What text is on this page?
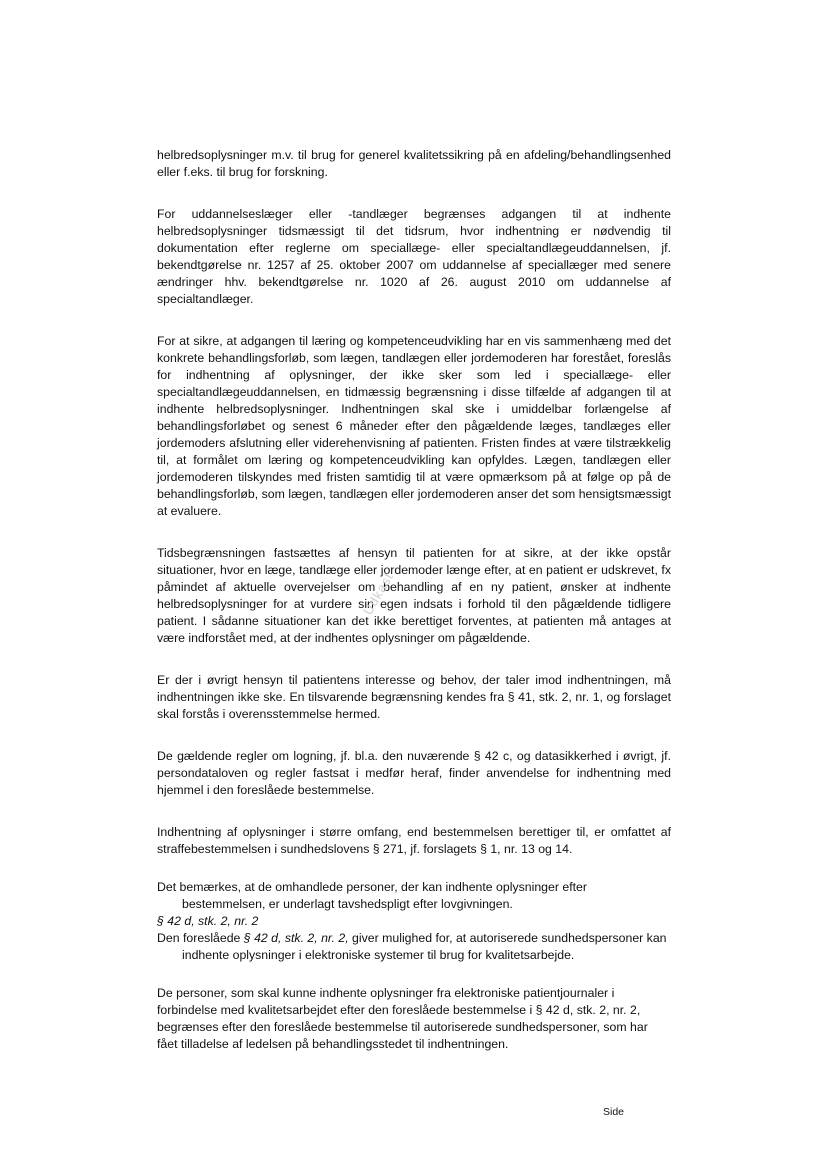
helbredsoplysninger m.v. til brug for generel kvalitetssikring på en afdeling/behandlingsenhed eller f.eks. til brug for forskning.

For uddannelseslæger eller -tandlæger begrænses adgangen til at indhente helbredsoplysninger tidsmæssigt til det tidsrum, hvor indhentning er nødvendig til dokumentation efter reglerne om speciallæge- eller specialtandlægeuddannelsen, jf. bekendtgørelse nr. 1257 af 25. oktober 2007 om uddannelse af speciallæger med senere ændringer hhv. bekendtgørelse nr. 1020 af 26. august 2010 om uddannelse af specialtandlæger.

For at sikre, at adgangen til læring og kompetenceudvikling har en vis sammenhæng med det konkrete behandlingsforløb, som lægen, tandlægen eller jordemoderen har forestået, foreslås for indhentning af oplysninger, der ikke sker som led i speciallæge- eller specialtandlægeuddannelsen, en tidmæssig begrænsning i disse tilfælde af adgangen til at indhente helbredsoplysninger. Indhentningen skal ske i umiddelbar forlængelse af behandlingsforløbet og senest 6 måneder efter den pågældende læges, tandlæges eller jordemoders afslutning eller viderehenvisning af patienten. Fristen findes at være tilstrækkelig til, at formålet om læring og kompetenceudvikling kan opfyldes. Lægen, tandlægen eller jordemoderen tilskyndes med fristen samtidig til at være opmærksom på at følge op på de behandlingsforløb, som lægen, tandlægen eller jordemoderen anser det som hensigtsmæssigt at evaluere.

Tidsbegrænsningen fastsættes af hensyn til patienten for at sikre, at der ikke opstår situationer, hvor en læge, tandlæge eller jordemoder længe efter, at en patient er udskrevet, fx påmindet af aktuelle overvejelser om behandling af en ny patient, ønsker at indhente helbredsoplysninger for at vurdere sin egen indsats i forhold til den pågældende tidligere patient. I sådanne situationer kan det ikke berettiget forventes, at patienten må antages at være indforstået med, at der indhentes oplysninger om pågældende.

Er der i øvrigt hensyn til patientens interesse og behov, der taler imod indhentningen, må indhentningen ikke ske. En tilsvarende begrænsning kendes fra § 41, stk. 2, nr. 1, og forslaget skal forstås i overensstemmelse hermed.

De gældende regler om logning, jf. bl.a. den nuværende § 42 c, og datasikkerhed i øvrigt, jf. persondataloven og regler fastsat i medfør heraf, finder anvendelse for indhentning med hjemmel i den foreslåede bestemmelse.

Indhentning af oplysninger i større omfang, end bestemmelsen berettiger til, er omfattet af straffebestemmelsen i sundhedslovens § 271, jf. forslagets § 1, nr. 13 og 14.

Det bemærkes, at de omhandlede personer, der kan indhente oplysninger efter bestemmelsen, er underlagt tavshedspligt efter lovgivningen.

§ 42 d, stk. 2, nr. 2

Den foreslåede § 42 d, stk. 2, nr. 2, giver mulighed for, at autoriserede sundhedspersoner kan indhente oplysninger i elektroniske systemer til brug for kvalitetsarbejde.

De personer, som skal kunne indhente oplysninger fra elektroniske patientjournaler i forbindelse med kvalitetsarbejdet efter den foreslåede bestemmelse i § 42 d, stk. 2, nr. 2, begrænses efter den foreslåede bestemmelse til autoriserede sundhedspersoner, som har fået tilladelse af ledelsen på behandlingsstedet til indhentningen.

Udkast
Side
